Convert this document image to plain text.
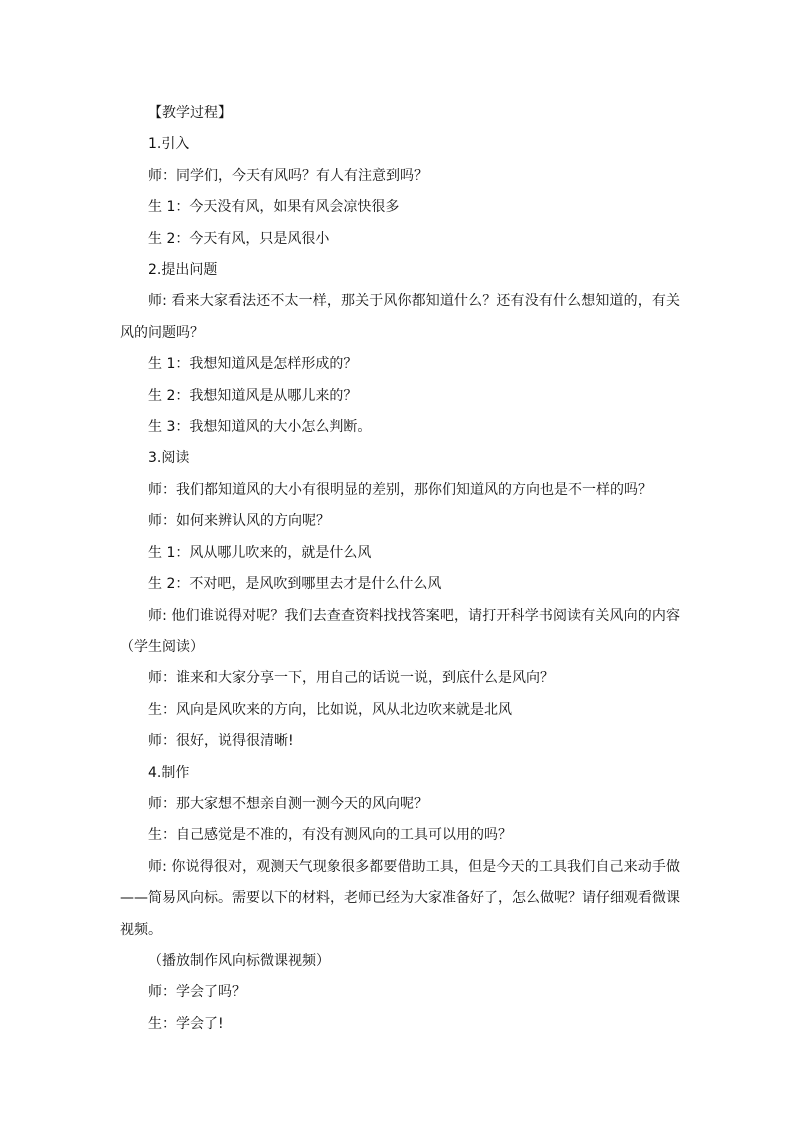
【教学过程】

1.引入

师：同学们，今天有风吗？有人有注意到吗？

生 1：今天没有风，如果有风会凉快很多

生 2：今天有风，只是风很小

2.提出问题

师: 看来大家看法还不太一样，那关于风你都知道什么？还有没有什么想知道的，有关风的问题吗？

生 1：我想知道风是怎样形成的？

生 2：我想知道风是从哪儿来的？

生 3：我想知道风的大小怎么判断。

3.阅读

师：我们都知道风的大小有很明显的差别，那你们知道风的方向也是不一样的吗？

师：如何来辨认风的方向呢？

生 1：风从哪儿吹来的，就是什么风

生 2：不对吧，是风吹到哪里去才是什么什么风

师: 他们谁说得对呢？我们去查查资料找找答案吧，请打开科学书阅读有关风向的内容（学生阅读）

师：谁来和大家分享一下，用自己的话说一说，到底什么是风向？

生：风向是风吹来的方向，比如说，风从北边吹来就是北风

师：很好，说得很清晰!

4.制作

师：那大家想不想亲自测一测今天的风向呢？

生：自己感觉是不准的，有没有测风向的工具可以用的吗？

师: 你说得很对，观测天气现象很多都要借助工具，但是今天的工具我们自己来动手做——简易风向标。需要以下的材料，老师已经为大家准备好了，怎么做呢？请仔细观看微课视频。

（播放制作风向标微课视频）

师：学会了吗？

生：学会了!
